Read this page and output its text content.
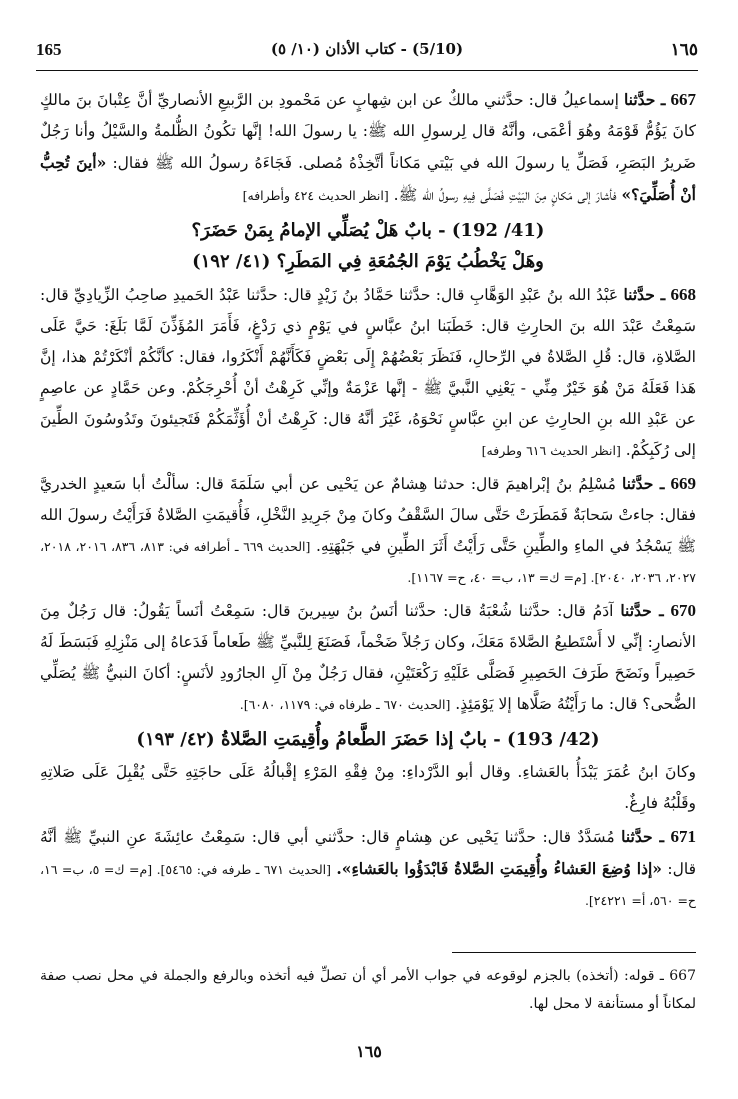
165	(5/10) - كتاب الأذان (١٠/ ٥)	١٦٥

667 ـ حدَّثنا إسماعيلُ قال: حدَّثني مالكٌ عن ابن شِهابٍ عن مَحْمودِ بن الرَّبيعِ الأنصاريِّ أنَّ عِتْبانَ بنَ مالكٍ كانَ يَؤُمُّ قَوْمَهُ وهُوَ أعْمَى، وأنَّهُ قال لِرسولِ الله ﷺ: يا رسولَ الله! إنَّها تكُونُ الظُّلمةُ والسَّيْلُ وأنا رَجُلٌ ضَريرُ البَصَرِ، فَصَلِّ يا رسولَ الله في بَيْتي مَكاناً أتَّخِذْهُ مُصلى. فَجَاءَهُ رسولُ الله ﷺ فقال: «أينَ تُحِبُّ أنْ أُصَلِّيَ؟» فأشارَ إلى مَكانٍ مِنَ البَيْتِ فَصَلَّى فِيهِ رسولُ الله ﷺ. [انظر الحديث ٤٢٤ وأطرافه]

(41/ 192) - بابٌ هَلْ يُصَلِّي الإمامُ بِمَنْ حَضَرَ؟
وهَلْ يَخْطُبُ يَوْمَ الجُمُعَةِ فِي المَطَرِ؟ (٤١/ ١٩٢)

668 ـ حدَّثنا عَبْدُ الله بنُ عَبْدِ الوَهَّابِ قال: حدَّثنا حَمَّادُ بنُ زَيْدٍ قال: حدَّثنا عَبْدُ الحَميدِ صاحِبُ الزِّيادِيِّ قال: سَمِعْتُ عَبْدَ الله بنَ الحارِثِ قال: خَطَبَنا ابنُ عبَّاسٍ في يَوْمٍ ذي رَدْغٍ، فَأَمَرَ المُؤَذِّنَ لَمَّا بَلَغَ: حَيَّ عَلَى الصَّلاةِ، قال: قُلِ الصَّلاةُ في الرِّحالِ، فَنَظَرَ بَعْضُهُمْ إِلَى بَعْضٍ فَكَأَنَّهُمْ أَنْكَرُوا، فقال: كأنَّكُمْ أنْكَرْتُمْ هذا، إنَّ هَذا فَعَلَهُ مَنْ هُوَ خَيْرٌ مِنِّي - يَعْنِي النَّبيَّ ﷺ - إنَّها عَزْمَةٌ وإنِّي كَرِهْتُ أنْ أُحْرِجَكُمْ. وعن حَمَّادٍ عن عاصِمٍ عن عَبْدِ الله بنِ الحارِثِ عن ابنِ عبَّاسٍ نَحْوَهُ، غَيْرَ أنَّهُ قال: كَرِهْتُ أنْ أُؤَثِّمَكُمْ فَتَجيئونَ وتَدُوسُونَ الطِّينَ إلى رُكَبِكُمْ. [انظر الحديث ٦١٦ وطرفه]

669 ـ حدَّثنا مُسْلِمُ بنُ إبْراهيمَ قال: حدثنا هِشامٌ عن يَحْيى عن أبي سَلَمَةَ قال: سألْتُ أبا سَعيدٍ الخدريَّ فقال: جاءتْ سَحابَةٌ فَمَطَرَتْ حَتَّى سالَ السَّقْفُ وكانَ مِنْ جَرِيدِ النَّخْلِ، فَأُقيمَتِ الصَّلاةُ فَرَأَيْتُ رسولَ الله ﷺ يَسْجُدُ في الماءِ والطِّينِ حَتَّى رَأَيْتُ أَثَرَ الطِّينِ في جَبْهَتِهِ. [الحديث ٦٦٩ ـ أطرافه في: ٨١٣، ٨٣٦، ٢٠١٦، ٢٠١٨، ٢٠٢٧، ٢٠٣٦، ٢٠٤٠]. [م= ك= ١٣، ب= ٤٠، ح= ١١٦٧].

670 ـ حدَّثنا آدَمُ قال: حدَّثنا شُعْبَةُ قال: حدَّثنا أنَسُ بنُ سِيرينَ قال: سَمِعْتُ أنَساً يَقُولُ: قال رَجُلٌ مِنَ الأنصارِ: إنِّي لا أَسْتَطيعُ الصَّلاةَ مَعَكَ، وكان رَجُلاً ضَخْماً، فَصَنَعَ لِلنَّبيِّ ﷺ طَعاماً فَدَعاهُ إلى مَنْزِلِهِ فَبَسَطَ لَهُ حَصِيراً ونَضَحَ طَرَفَ الحَصِيرِ فَصَلَّى عَلَيْهِ رَكْعَتَيْنِ، فقال رَجُلٌ مِنْ آلِ الجارُودِ لأنَسٍ: أكانَ النبيُّ ﷺ يُصَلِّي الضُّحى؟ قال: ما رَأَيْتُهُ صَلَّاها إلا يَوْمَئِذٍ. [الحديث ٦٧٠ ـ طرفاه في: ١١٧٩، ٦٠٨٠].

(42/ 193) - بابٌ إذا حَضَرَ الطَّعامُ وأُقِيمَتِ الصَّلاةُ (٤٢/ ١٩٣)

وكانَ ابنُ عُمَرَ يَبْدَأُ بالعَشاءِ. وقال أبو الدَّرْداءِ: مِنْ فِقْهِ المَرْءِ إقْبالُهُ عَلَى حاجَتِهِ حَتَّى يُقْبِلَ عَلَى صَلاتِهِ وقَلْبُهُ فارِغٌ.

671 ـ حدَّثنا مُسَدَّدٌ قال: حدَّثنا يَحْيى عن هِشامٍ قال: حدَّثني أبي قال: سَمِعْتُ عائِشَةَ عنِ النبيِّ ﷺ أنَّهُ قال: «إذا وُضِعَ العَشاءُ وأُقِيمَتِ الصَّلاةُ فَابْدَؤُوا بالعَشاءِ». [الحديث ٦٧١ ـ طرفه في: ٥٤٦٥]. [م= ك= ٥، ب= ١٦، ح= ٥٦٠، أ= ٢٤٢٢١].

667 ـ قوله: (أتخذه) بالجزم لوقوعه في جواب الأمر أي أن تصلِّ فيه أتخذه وبالرفع والجملة في محل نصب صفة لمكاناً أو مستأنفة لا محل لها.
١٦٥
